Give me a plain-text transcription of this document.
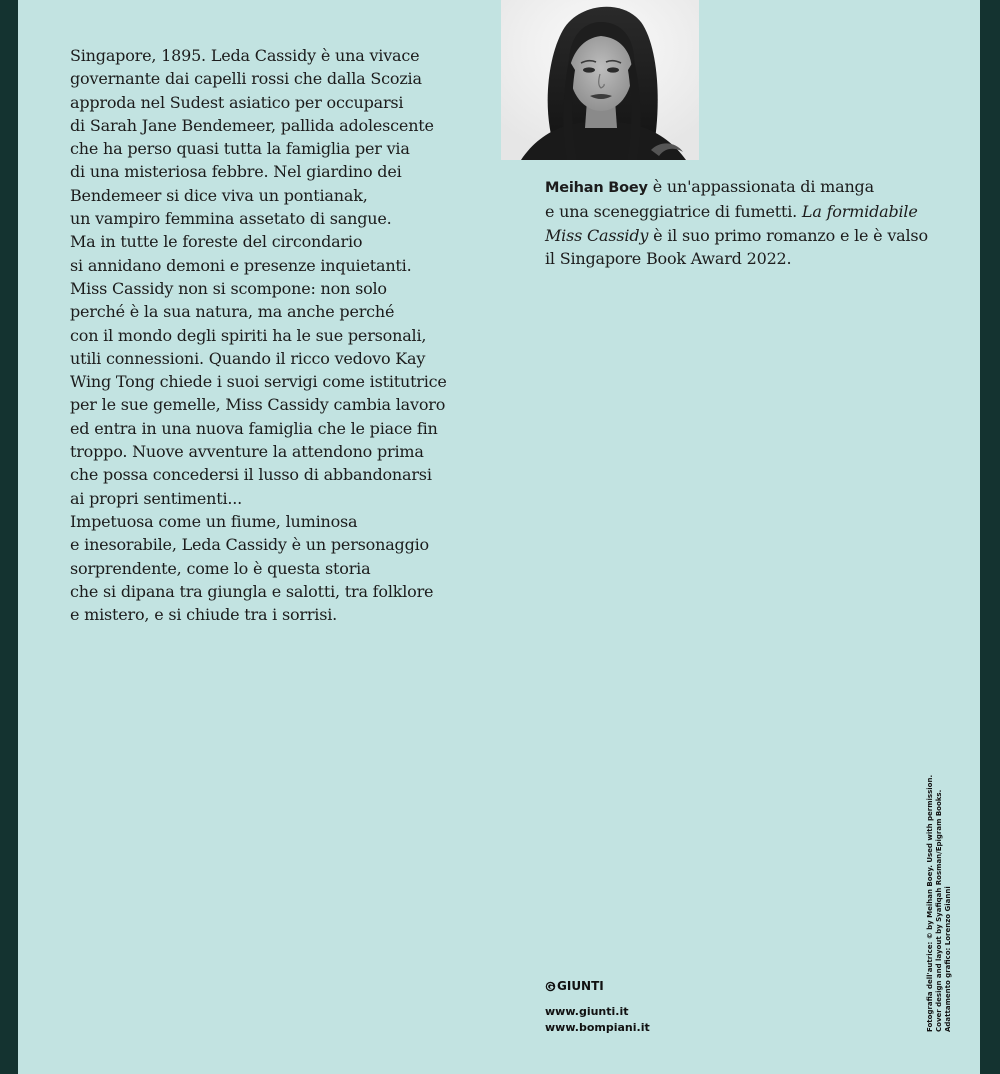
Singapore, 1895. Leda Cassidy è una vivace
governante dai capelli rossi che dalla Scozia
approda nel Sudest asiatico per occuparsi
di Sarah Jane Bendemeer, pallida adolescente
che ha perso quasi tutta la famiglia per via
di una misteriosa febbre. Nel giardino dei
Bendemeer si dice viva un pontianak,
un vampiro femmina assetato di sangue.
Ma in tutte le foreste del circondario
si annidano demoni e presenze inquietanti.
Miss Cassidy non si scompone: non solo
perché è la sua natura, ma anche perché
con il mondo degli spiriti ha le sue personali,
utili connessioni. Quando il ricco vedovo Kay
Wing Tong chiede i suoi servigi come istitutrice
per le sue gemelle, Miss Cassidy cambia lavoro
ed entra in una nuova famiglia che le piace fin
troppo. Nuove avventure la attendono prima
che possa concedersi il lusso di abbandonarsi
ai propri sentimenti...
Impetuosa come un fiume, luminosa
e inesorabile, Leda Cassidy è un personaggio
sorprendente, come lo è questa storia
che si dipana tra giungla e salotti, tra folklore
e mistero, e si chiude tra i sorrisi.
Meihan Boey è un'appassionata di manga
e una sceneggiatrice di fumetti. La formidabile
Miss Cassidy è il suo primo romanzo e le è valso
il Singapore Book Award 2022.
GIUNTI
www.giunti.it
www.bompiani.it	Fotografia dell'autrice: © by Meihan Boey. Used with permission. Cover design and layout by Syafiqah Rosman/Epigram Books. Adattamento grafico: Lorenzo Gianni
